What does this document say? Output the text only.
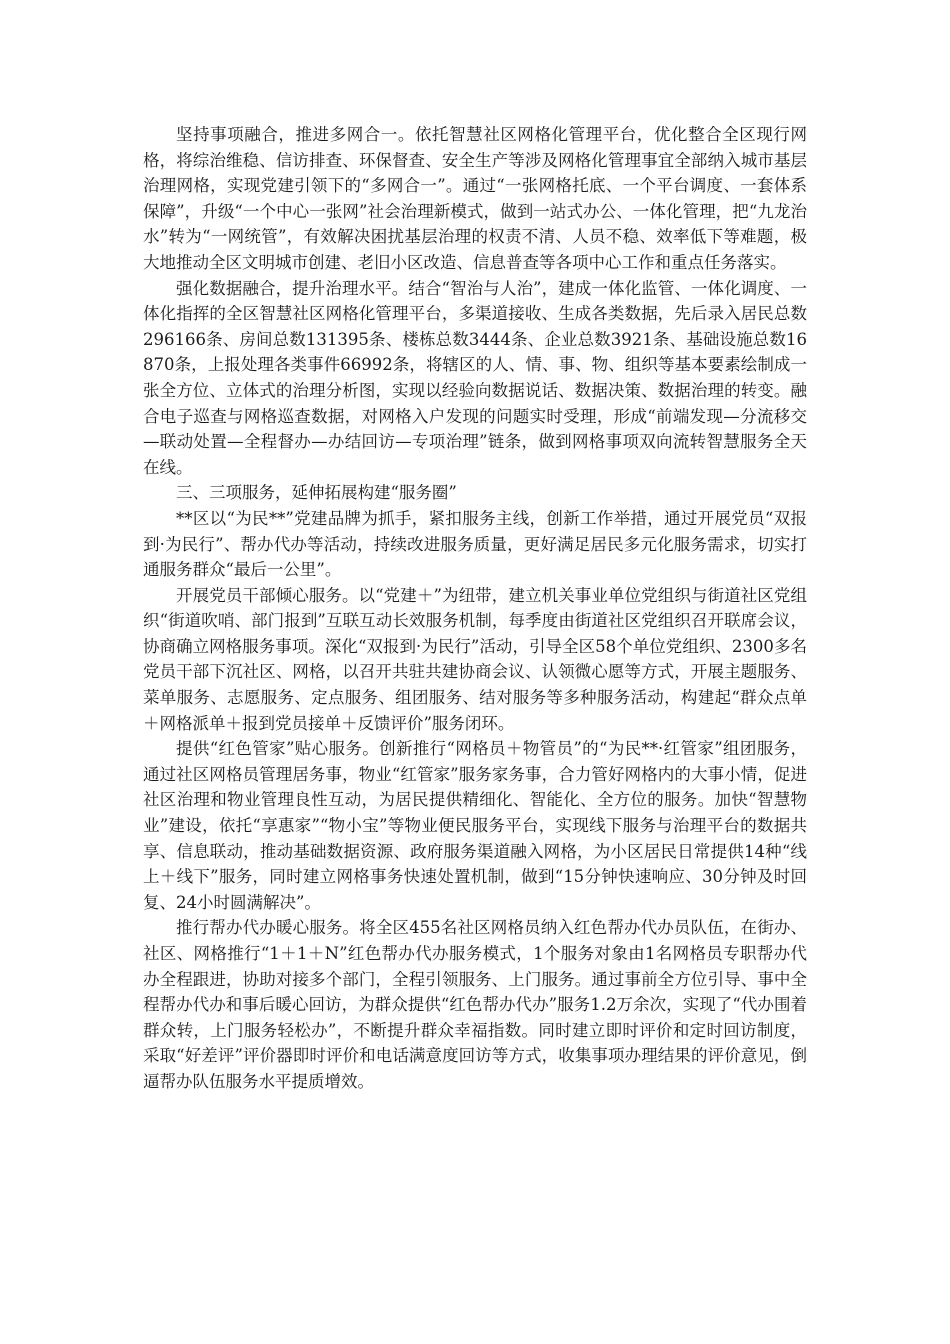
坚持事项融合，推进多网合一。依托智慧社区网格化管理平台，优化整合全区现行网格，将综治维稳、信访排查、环保督查、安全生产等涉及网格化管理事宜全部纳入城市基层治理网格，实现党建引领下的“多网合一”。通过“一张网格托底、一个平台调度、一套体系保障”，升级“一个中心一张网”社会治理新模式，做到一站式办公、一体化管理，把“九龙治水”转为“一网统管”，有效解决困扰基层治理的权责不清、人员不稳、效率低下等难题，极大地推动全区文明城市创建、老旧小区改造、信息普查等各项中心工作和重点任务落实。

强化数据融合，提升治理水平。结合“智治与人治”，建成一体化监管、一体化调度、一体化指挥的全区智慧社区网格化管理平台，多渠道接收、生成各类数据，先后录入居民总数296166条、房间总数131395条、楼栋总数3444条、企业总数3921条、基础设施总数16870条，上报处理各类事件66992条，将辖区的人、情、事、物、组织等基本要素绘制成一张全方位、立体式的治理分析图，实现以经验向数据说话、数据决策、数据治理的转变。融合电子巡查与网格巡查数据，对网格入户发现的问题实时受理，形成“前端发现—分流移交—联动处置—全程督办—办结回访—专项治理”链条，做到网格事项双向流转智慧服务全天在线。

三、三项服务，延伸拓展构建“服务圈”

**区以“为民**”党建品牌为抓手，紧扣服务主线，创新工作举措，通过开展党员“双报到·为民行”、帮办代办等活动，持续改进服务质量，更好满足居民多元化服务需求，切实打通服务群众“最后一公里”。

开展党员干部倾心服务。以“党建＋”为纽带，建立机关事业单位党组织与街道社区党组织“街道吹哨、部门报到”互联互动长效服务机制，每季度由街道社区党组织召开联席会议，协商确立网格服务事项。深化“双报到·为民行”活动，引导全区58个单位党组织、2300多名党员干部下沉社区、网格，以召开共驻共建协商会议、认领微心愿等方式，开展主题服务、菜单服务、志愿服务、定点服务、组团服务、结对服务等多种服务活动，构建起“群众点单＋网格派单＋报到党员接单＋反馈评价”服务闭环。

提供“红色管家”贴心服务。创新推行“网格员＋物管员”的“为民**·红管家”组团服务，通过社区网格员管理居务事，物业“红管家”服务家务事，合力管好网格内的大事小情，促进社区治理和物业管理良性互动，为居民提供精细化、智能化、全方位的服务。加快“智慧物业”建设，依托“享惠家”“物小宝”等物业便民服务平台，实现线下服务与治理平台的数据共享、信息联动，推动基础数据资源、政府服务渠道融入网格，为小区居民日常提供14种“线上＋线下”服务，同时建立网格事务快速处置机制，做到“15分钟快速响应、30分钟及时回复、24小时圆满解决”。

推行帮办代办暖心服务。将全区455名社区网格员纳入红色帮办代办员队伍，在街办、社区、网格推行“1＋1＋N”红色帮办代办服务模式，1个服务对象由1名网格员专职帮办代办全程跟进，协助对接多个部门，全程引领服务、上门服务。通过事前全方位引导、事中全程帮办代办和事后暖心回访，为群众提供“红色帮办代办”服务1.2万余次，实现了“代办围着群众转，上门服务轻松办”，不断提升群众幸福指数。同时建立即时评价和定时回访制度，采取“好差评”评价器即时评价和电话满意度回访等方式，收集事项办理结果的评价意见，倒逼帮办队伍服务水平提质增效。
